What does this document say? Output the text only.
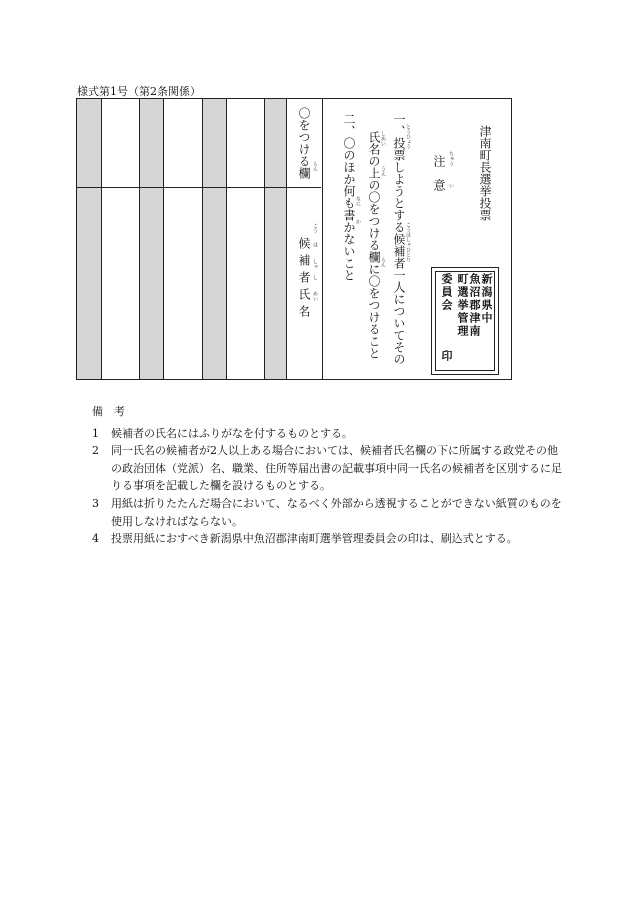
様式第1号（第2条関係）
〇をつける欄 らん
候補者氏名
こう
ほ
しゃ
し
めい
二、〇のほか何も書かないこと なに
か 氏名の上の〇をつける欄に〇をつけること しめい
うえ
らん 一、投票しようとする候補者一人についてその とうひょう
こうほしゃひとり
注　意 ちゅう
い 津南町長選挙投票
新潟県中
魚沼郡津南
町選挙管理
委員会
印
備　考
1	候補者の氏名にはふりがなを付するものとする。
2	同一氏名の候補者が2人以上ある場合においては、候補者氏名欄の下に所属する政党その他の政治団体（党派）名、職業、住所等届出書の記載事項中同一氏名の候補者を区別するに足りる事項を記載した欄を設けるものとする。
3	用紙は折りたたんだ場合において、なるべく外部から透視することができない紙質のものを使用しなければならない。
4	投票用紙におすべき新潟県中魚沼郡津南町選挙管理委員会の印は、刷込式とする。
